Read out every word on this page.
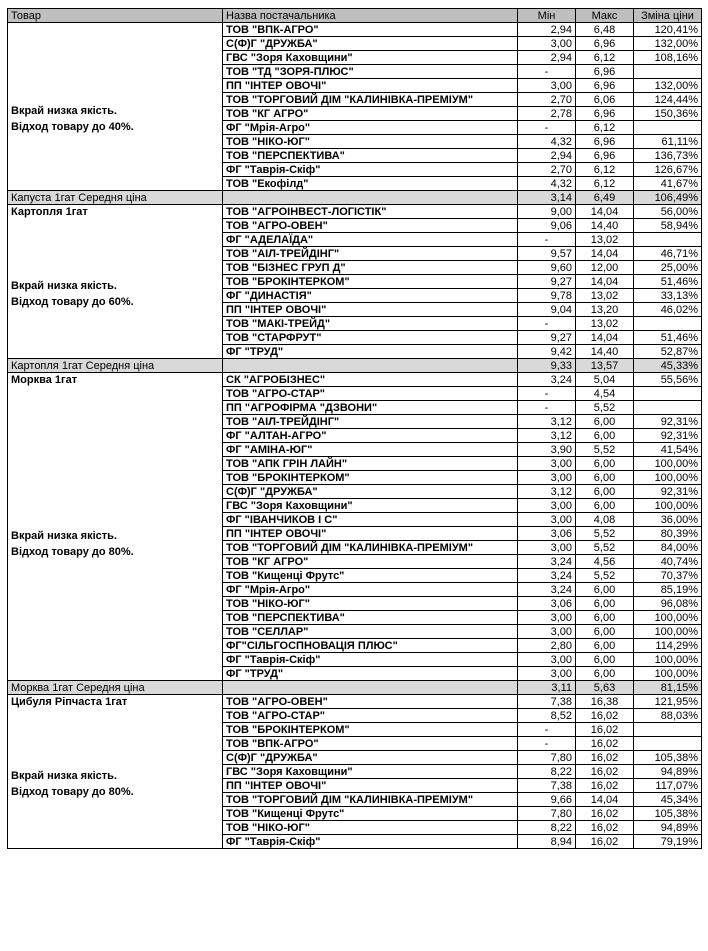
Товар	Назва постачальника	Мін	Макс	Зміна ціни

Вкрай низка якість.
Відход товару до 40%.	ТОВ "ВПК-АГРО"	2,94	6,48	120,41%
	С(Ф)Г "ДРУЖБА"	3,00	6,96	132,00%
	ГВС "Зоря Каховщини"	2,94	6,12	108,16%
	ТОВ "ТД "ЗОРЯ-ПЛЮС"	-	6,96	
	ПП "ІНТЕР ОВОЧІ"	3,00	6,96	132,00%
	ТОВ "ТОРГОВИЙ ДІМ "КАЛИНІВКА-ПРЕМІУМ"	2,70	6,06	124,44%
	ТОВ "КГ АГРО"	2,78	6,96	150,36%
	ФГ "Мрія-Агро"	-	6,12	
	ТОВ "НІКО-ЮГ"	4,32	6,96	61,11%
	ТОВ "ПЕРСПЕКТИВА"	2,94	6,96	136,73%
	ФГ "Таврія-Скіф"	2,70	6,12	126,67%
	ТОВ "Екофілд"	4,32	6,12	41,67%
Капуста 1гат Середня ціна		3,14	6,49	106,49%

Картопля 1гат
Вкрай низка якість.
Відход товару до 60%.	ТОВ "АГРОІНВЕСТ-ЛОГІСТІК"	9,00	14,04	56,00%
	ТОВ "АГРО-ОВЕН"	9,06	14,40	58,94%
	ФГ "АДЕЛАЇДА"	-	13,02	
	ТОВ "АІЛ-ТРЕЙДІНГ"	9,57	14,04	46,71%
	ТОВ "БІЗНЕС ГРУП Д"	9,60	12,00	25,00%
	ТОВ "БРОКІНТЕРКОМ"	9,27	14,04	51,46%
	ФГ "ДИНАСТІЯ"	9,78	13,02	33,13%
	ПП "ІНТЕР ОВОЧІ"	9,04	13,20	46,02%
	ТОВ "МАКІ-ТРЕЙД"	-	13,02	
	ТОВ "СТАРФРУТ"	9,27	14,04	51,46%
	ФГ "ТРУД"	9,42	14,40	52,87%
Картопля 1гат Середня ціна		9,33	13,57	45,33%

Морква 1гат
Вкрай низка якість.
Відход товару до 80%.	СК "АГРОБІЗНЕС"	3,24	5,04	55,56%
	ТОВ "АГРО-СТАР"	-	4,54	
	ПП "АГРОФІРМА "ДЗВОНИ"	-	5,52	
	ТОВ "АІЛ-ТРЕЙДІНГ"	3,12	6,00	92,31%
	ФГ "АЛТАН-АГРО"	3,12	6,00	92,31%
	ФГ "АМІНА-ЮГ"	3,90	5,52	41,54%
	ТОВ "АПК ГРІН ЛАЙН"	3,00	6,00	100,00%
	ТОВ "БРОКІНТЕРКОМ"	3,00	6,00	100,00%
	С(Ф)Г "ДРУЖБА"	3,12	6,00	92,31%
	ГВС "Зоря Каховщини"	3,00	6,00	100,00%
	ФГ "ІВАНЧИКОВ І С"	3,00	4,08	36,00%
	ПП "ІНТЕР ОВОЧІ"	3,06	5,52	80,39%
	ТОВ "ТОРГОВИЙ ДІМ "КАЛИНІВКА-ПРЕМІУМ"	3,00	5,52	84,00%
	ТОВ "КГ АГРО"	3,24	4,56	40,74%
	ТОВ "Кищенці Фрутс"	3,24	5,52	70,37%
	ФГ "Мрія-Агро"	3,24	6,00	85,19%
	ТОВ "НІКО-ЮГ"	3,06	6,00	96,08%
	ТОВ "ПЕРСПЕКТИВА"	3,00	6,00	100,00%
	ТОВ "СЕЛЛАР"	3,00	6,00	100,00%
	ФГ"СІЛЬГОСПНОВАЦІЯ ПЛЮС"	2,80	6,00	114,29%
	ФГ "Таврія-Скіф"	3,00	6,00	100,00%
	ФГ "ТРУД"	3,00	6,00	100,00%
Морква 1гат Середня ціна		3,11	5,63	81,15%

Цибуля Ріпчаста 1гат
Вкрай низка якість.
Відход товару до 80%.	ТОВ "АГРО-ОВЕН"	7,38	16,38	121,95%
	ТОВ "АГРО-СТАР"	8,52	16,02	88,03%
	ТОВ "БРОКІНТЕРКОМ"	-	16,02	
	ТОВ "ВПК-АГРО"	-	16,02	
	С(Ф)Г "ДРУЖБА"	7,80	16,02	105,38%
	ГВС "Зоря Каховщини"	8,22	16,02	94,89%
	ПП "ІНТЕР ОВОЧІ"	7,38	16,02	117,07%
	ТОВ "ТОРГОВИЙ ДІМ "КАЛИНІВКА-ПРЕМІУМ"	9,66	14,04	45,34%
	ТОВ "Кищенці Фрутс"	7,80	16,02	105,38%
	ТОВ "НІКО-ЮГ"	8,22	16,02	94,89%
	ФГ "Таврія-Скіф"	8,94	16,02	79,19%
